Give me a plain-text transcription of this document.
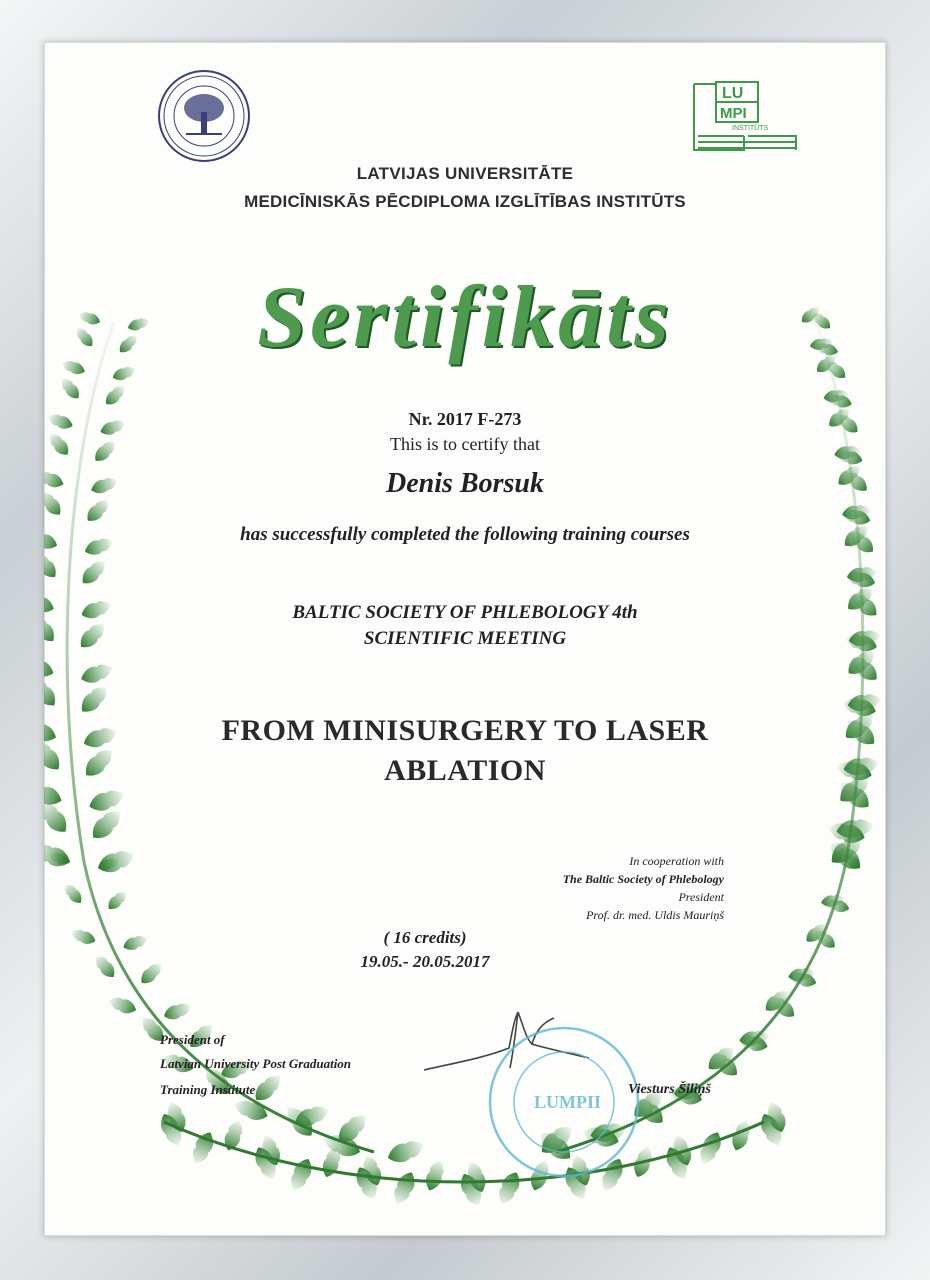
LU
MPI
INSTITŪTS

LATVIJAS UNIVERSITĀTE

MEDICĪNISKĀS PĒCDIPLOMA IZGLĪTĪBAS INSTITŪTS

Sertifikāts

Nr. 2017 F-273

This is to certify that

Denis Borsuk

has successfully completed the following training courses

BALTIC SOCIETY OF PHLEBOLOGY 4th

SCIENTIFIC MEETING

FROM MINISURGERY TO LASER

ABLATION

In cooperation with

The Baltic Society of Phlebology

President

Prof. dr. med. Uldis Mauriņš

( 16 credits)

19.05.- 20.05.2017

President of

Latvian University Post Graduation

Training Institute

LUMPII

Viesturs Šiliņš
